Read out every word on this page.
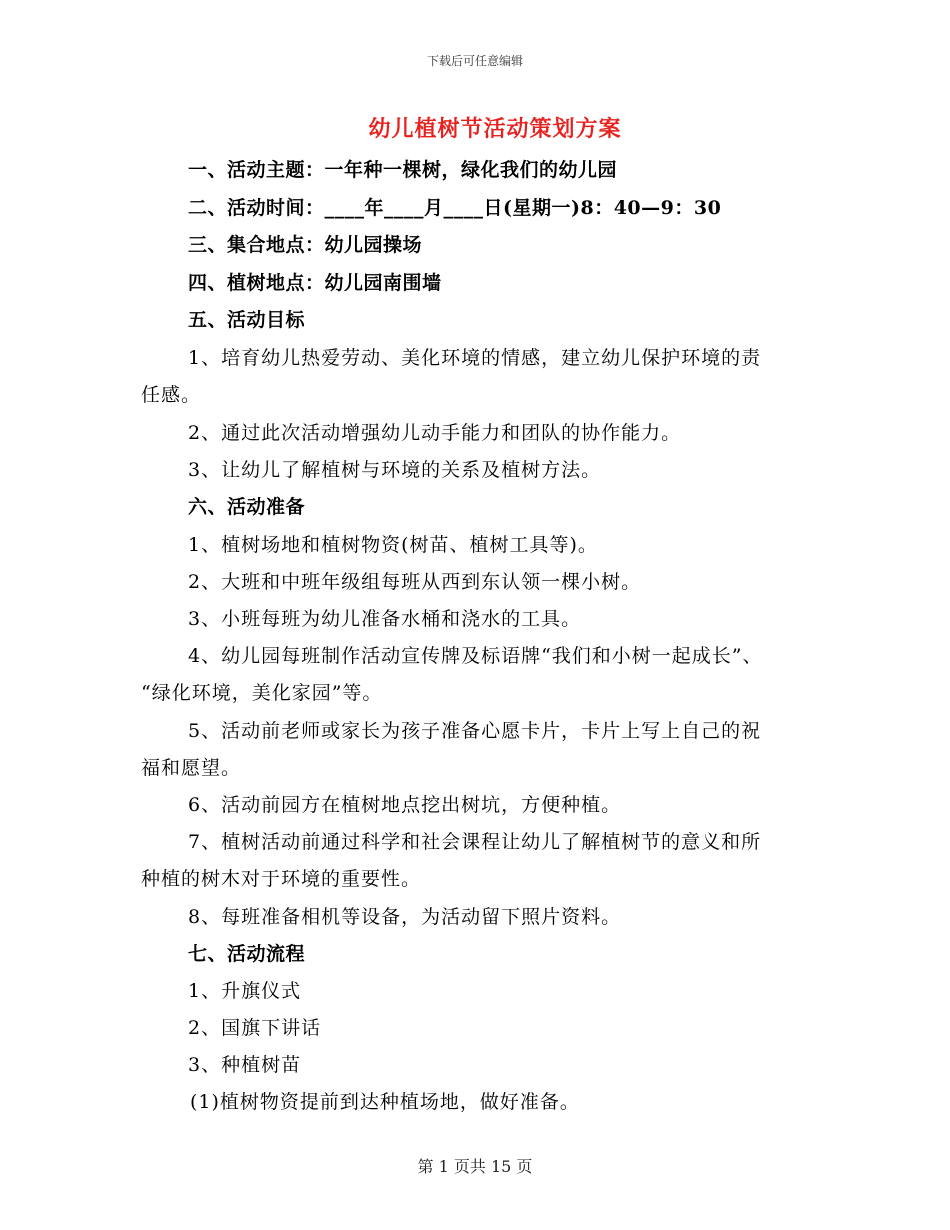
下载后可任意编辑
幼儿植树节活动策划方案
一、活动主题：一年种一棵树，绿化我们的幼儿园
二、活动时间：____年____月____日(星期一)8：40—9：30
三、集合地点：幼儿园操场
四、植树地点：幼儿园南围墙
五、活动目标
1、培育幼儿热爱劳动、美化环境的情感，建立幼儿保护环境的责
任感。
2、通过此次活动增强幼儿动手能力和团队的协作能力。
3、让幼儿了解植树与环境的关系及植树方法。
六、活动准备
1、植树场地和植树物资(树苗、植树工具等)。
2、大班和中班年级组每班从西到东认领一棵小树。
3、小班每班为幼儿准备水桶和浇水的工具。
4、幼儿园每班制作活动宣传牌及标语牌“我们和小树一起成长”、
“绿化环境，美化家园”等。
5、活动前老师或家长为孩子准备心愿卡片，卡片上写上自己的祝
福和愿望。
6、活动前园方在植树地点挖出树坑，方便种植。
7、植树活动前通过科学和社会课程让幼儿了解植树节的意义和所
种植的树木对于环境的重要性。
8、每班准备相机等设备，为活动留下照片资料。
七、活动流程
1、升旗仪式
2、国旗下讲话
3、种植树苗
(1)植树物资提前到达种植场地，做好准备。
第 1 页共 15 页
